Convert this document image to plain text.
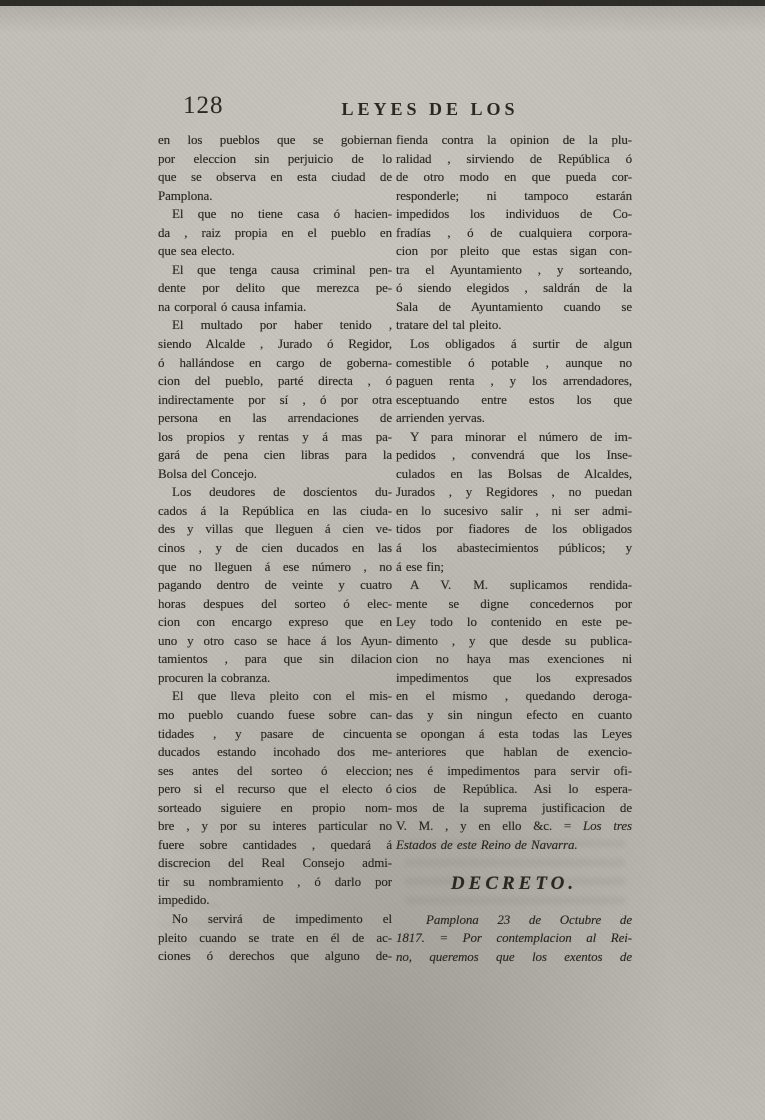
128	LEYES DE LOS
en los pueblos que se gobiernan
por eleccion sin perjuicio de lo
que se observa en esta ciudad de
Pamplona.
El que no tiene casa ó hacien-
da , raiz propia en el pueblo en
que sea electo.
El que tenga causa criminal pen-
dente por delito que merezca pe-
na corporal ó causa infamia.
El multado por haber tenido ,
siendo Alcalde , Jurado ó Regidor,
ó hallándose en cargo de goberna-
cion del pueblo, parté directa , ó
indirectamente por sí , ó por otra
persona en las arrendaciones de
los propios y rentas y á mas pa-
gará de pena cien libras para la
Bolsa del Concejo.
Los deudores de doscientos du-
cados á la República en las ciuda-
des y villas que lleguen á cien ve-
cinos , y de cien ducados en las
que no lleguen á ese número , no
pagando dentro de veinte y cuatro
horas despues del sorteo ó elec-
cion con encargo expreso que en
uno y otro caso se hace á los Ayun-
tamientos , para que sin dilacion
procuren la cobranza.
El que lleva pleito con el mis-
mo pueblo cuando fuese sobre can-
tidades , y pasare de cincuenta
ducados estando incohado dos me-
ses antes del sorteo ó eleccion;
pero si el recurso que el electo ó
sorteado siguiere en propio nom-
bre , y por su interes particular no
fuere sobre cantidades , quedará á
discrecion del Real Consejo admi-
tir su nombramiento , ó darlo por
impedido.
No servirá de impedimento el
pleito cuando se trate en él de ac-
ciones ó derechos que alguno de-
fienda contra la opinion de la plu-
ralidad , sirviendo de República ó
de otro modo en que pueda cor-
responderle; ni tampoco estarán
impedidos los individuos de Co-
fradías , ó de cualquiera corpora-
cion por pleito que estas sigan con-
tra el Ayuntamiento , y sorteando,
ó siendo elegidos , saldrán de la
Sala de Ayuntamiento cuando se
tratare del tal pleito.
Los obligados á surtir de algun
comestible ó potable , aunque no
paguen renta , y los arrendadores,
esceptuando entre estos los que
arrienden yervas.
Y para minorar el número de im-
pedidos , convendrá que los Inse-
culados en las Bolsas de Alcaldes,
Jurados , y Regidores , no puedan
en lo sucesivo salir , ni ser admi-
tidos por fiadores de los obligados
á los abastecimientos públicos; y
á ese fin;
A V. M. suplicamos rendida-
mente se digne concedernos por
Ley todo lo contenido en este pe-
dimento , y que desde su publica-
cion no haya mas exenciones ni
impedimentos que los expresados
en el mismo , quedando deroga-
das y sin ningun efecto en cuanto
se opongan á esta todas las Leyes
anteriores que hablan de exencio-
nes é impedimentos para servir ofi-
cios de República. Asi lo espera-
mos de la suprema justificacion de
V. M. , y en ello &c. = Los tres
Estados de este Reino de Navarra.
DECRETO.
Pamplona 23 de Octubre de
1817. = Por contemplacion al Rei-
no, queremos que los exentos de
